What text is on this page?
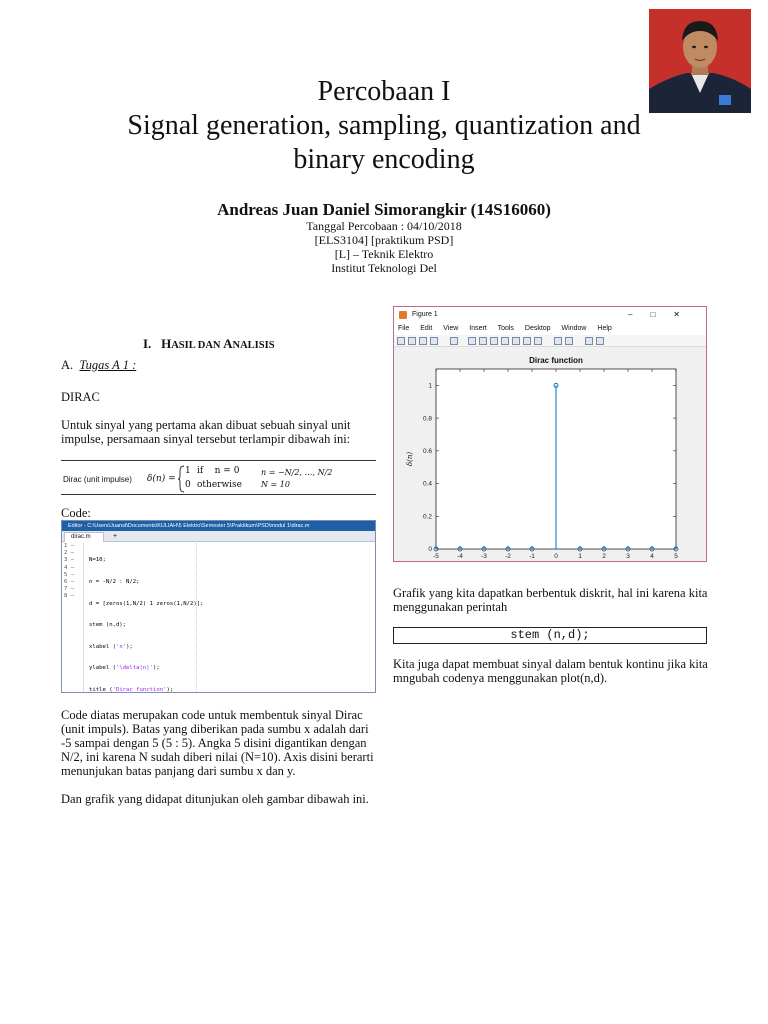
Percobaan I
Signal generation, sampling, quantization and
binary encoding
Andreas Juan Daniel Simorangkir (14S16060)
Tanggal Percobaan : 04/10/2018
[ELS3104] [praktikum PSD]
[L] – Teknik Elektro
Institut Teknologi Del
I. HASIL DAN ANALISIS
A. Tugas A 1 :
DIRAC
Untuk sinyal yang pertama akan dibuat sebuah sinyal unit impulse, persamaan sinyal tersebut terlampir dibawah ini:
Dirac (unit impulse) δ(n) =
1 if    n = 0
0 otherwise
n = −N/2, …, N/2
N = 10
Code:
Editor - C:\Users\Juanst\Documents\KULIAH\5 Elektro\Semester 5\Praktikum\PSD\modul 1\dirac.m
dirac.m	+
1 –
2 –
3 –
4 –
5 –
6 –
7 –
8 –

N=10;

n = -N/2 : N/2;

d = [zeros(1,N/2) 1 zeros(1,N/2)];

stem (n,d);

xlabel ('n');

ylabel ('\delta(n)');

title ('Dirac function');

Code diatas merupakan code untuk membentuk sinyal Dirac (unit impuls). Batas yang diberikan pada sumbu x adalah dari -5 sampai dengan 5 (5 : 5). Angka 5 disini digantikan dengan N/2, ini karena N sudah diberi nilai (N=10). Axis disini berarti menunjukan batas panjang dari sumbu x dan y.
Dan grafik yang didapat ditunjukan oleh gambar dibawah ini.
Figure 1	–□✕
File Edit View Insert Tools Desktop Window Help
Dirac function
δ(n)
-5	-4	-3	-2	-1	0	1	2	3	4	5
0
0.2
0.4
0.6
0.8
1
Grafik yang kita dapatkan berbentuk diskrit, hal ini karena kita menggunakan perintah
stem (n,d);
Kita juga dapat membuat sinyal dalam bentuk kontinu jika kita mngubah codenya menggunakan plot(n,d).
